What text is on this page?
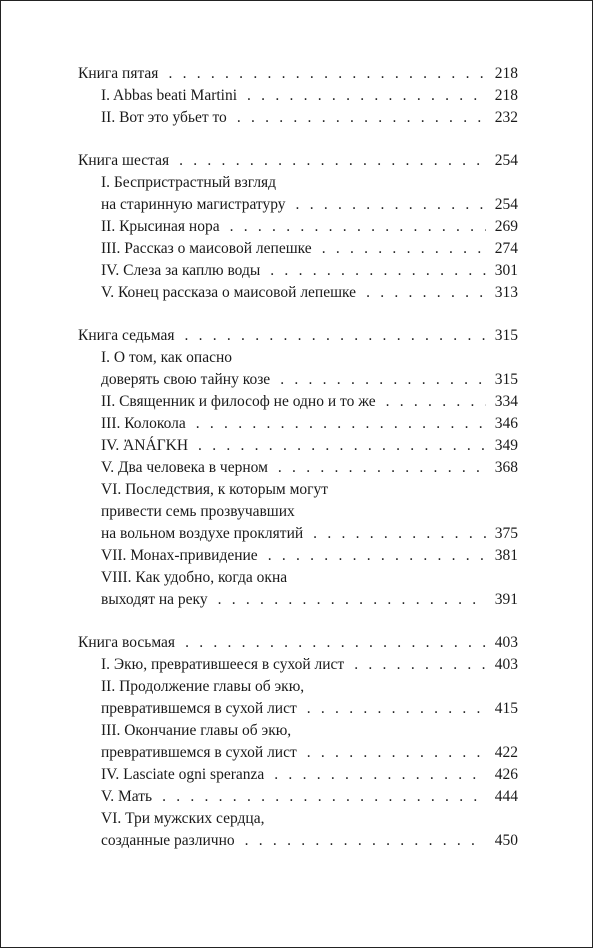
Книга пятая . . .	218
I. Abbas beati Martini . . .	218
II. Вот это убьет то . . .	232
Книга шестая . . .	254
I. Беспристрастный взгляд
на старинную магистратуру . . .	254
II. Крысиная нора . . .	269
III. Рассказ о маисовой лепешке . . .	274
IV. Слеза за каплю воды . . .	301
V. Конец рассказа о маисовой лепешке . . .	313
Книга седьмая . . .	315
I. О том, как опасно
доверять свою тайну козе . . .	315
II. Священник и философ не одно и то же . . .	334
III. Колокола . . .	346
IV. ἈΝÁΓΚΗ . . .	349
V. Два человека в черном . . .	368
VI. Последствия, к которым могут
привести семь прозвучавших
на вольном воздухе проклятий . . .	375
VII. Монах-привидение . . .	381
VIII. Как удобно, когда окна
выходят на реку . . .	391
Книга восьмая . . .	403
I. Экю, превратившееся в сухой лист . . .	403
II. Продолжение главы об экю,
превратившемся в сухой лист . . .	415
III. Окончание главы об экю,
превратившемся в сухой лист . . .	422
IV. Lasciate ogni speranza . . .	426
V. Мать . . .	444
VI. Три мужских сердца,
созданные различно . . .	450
